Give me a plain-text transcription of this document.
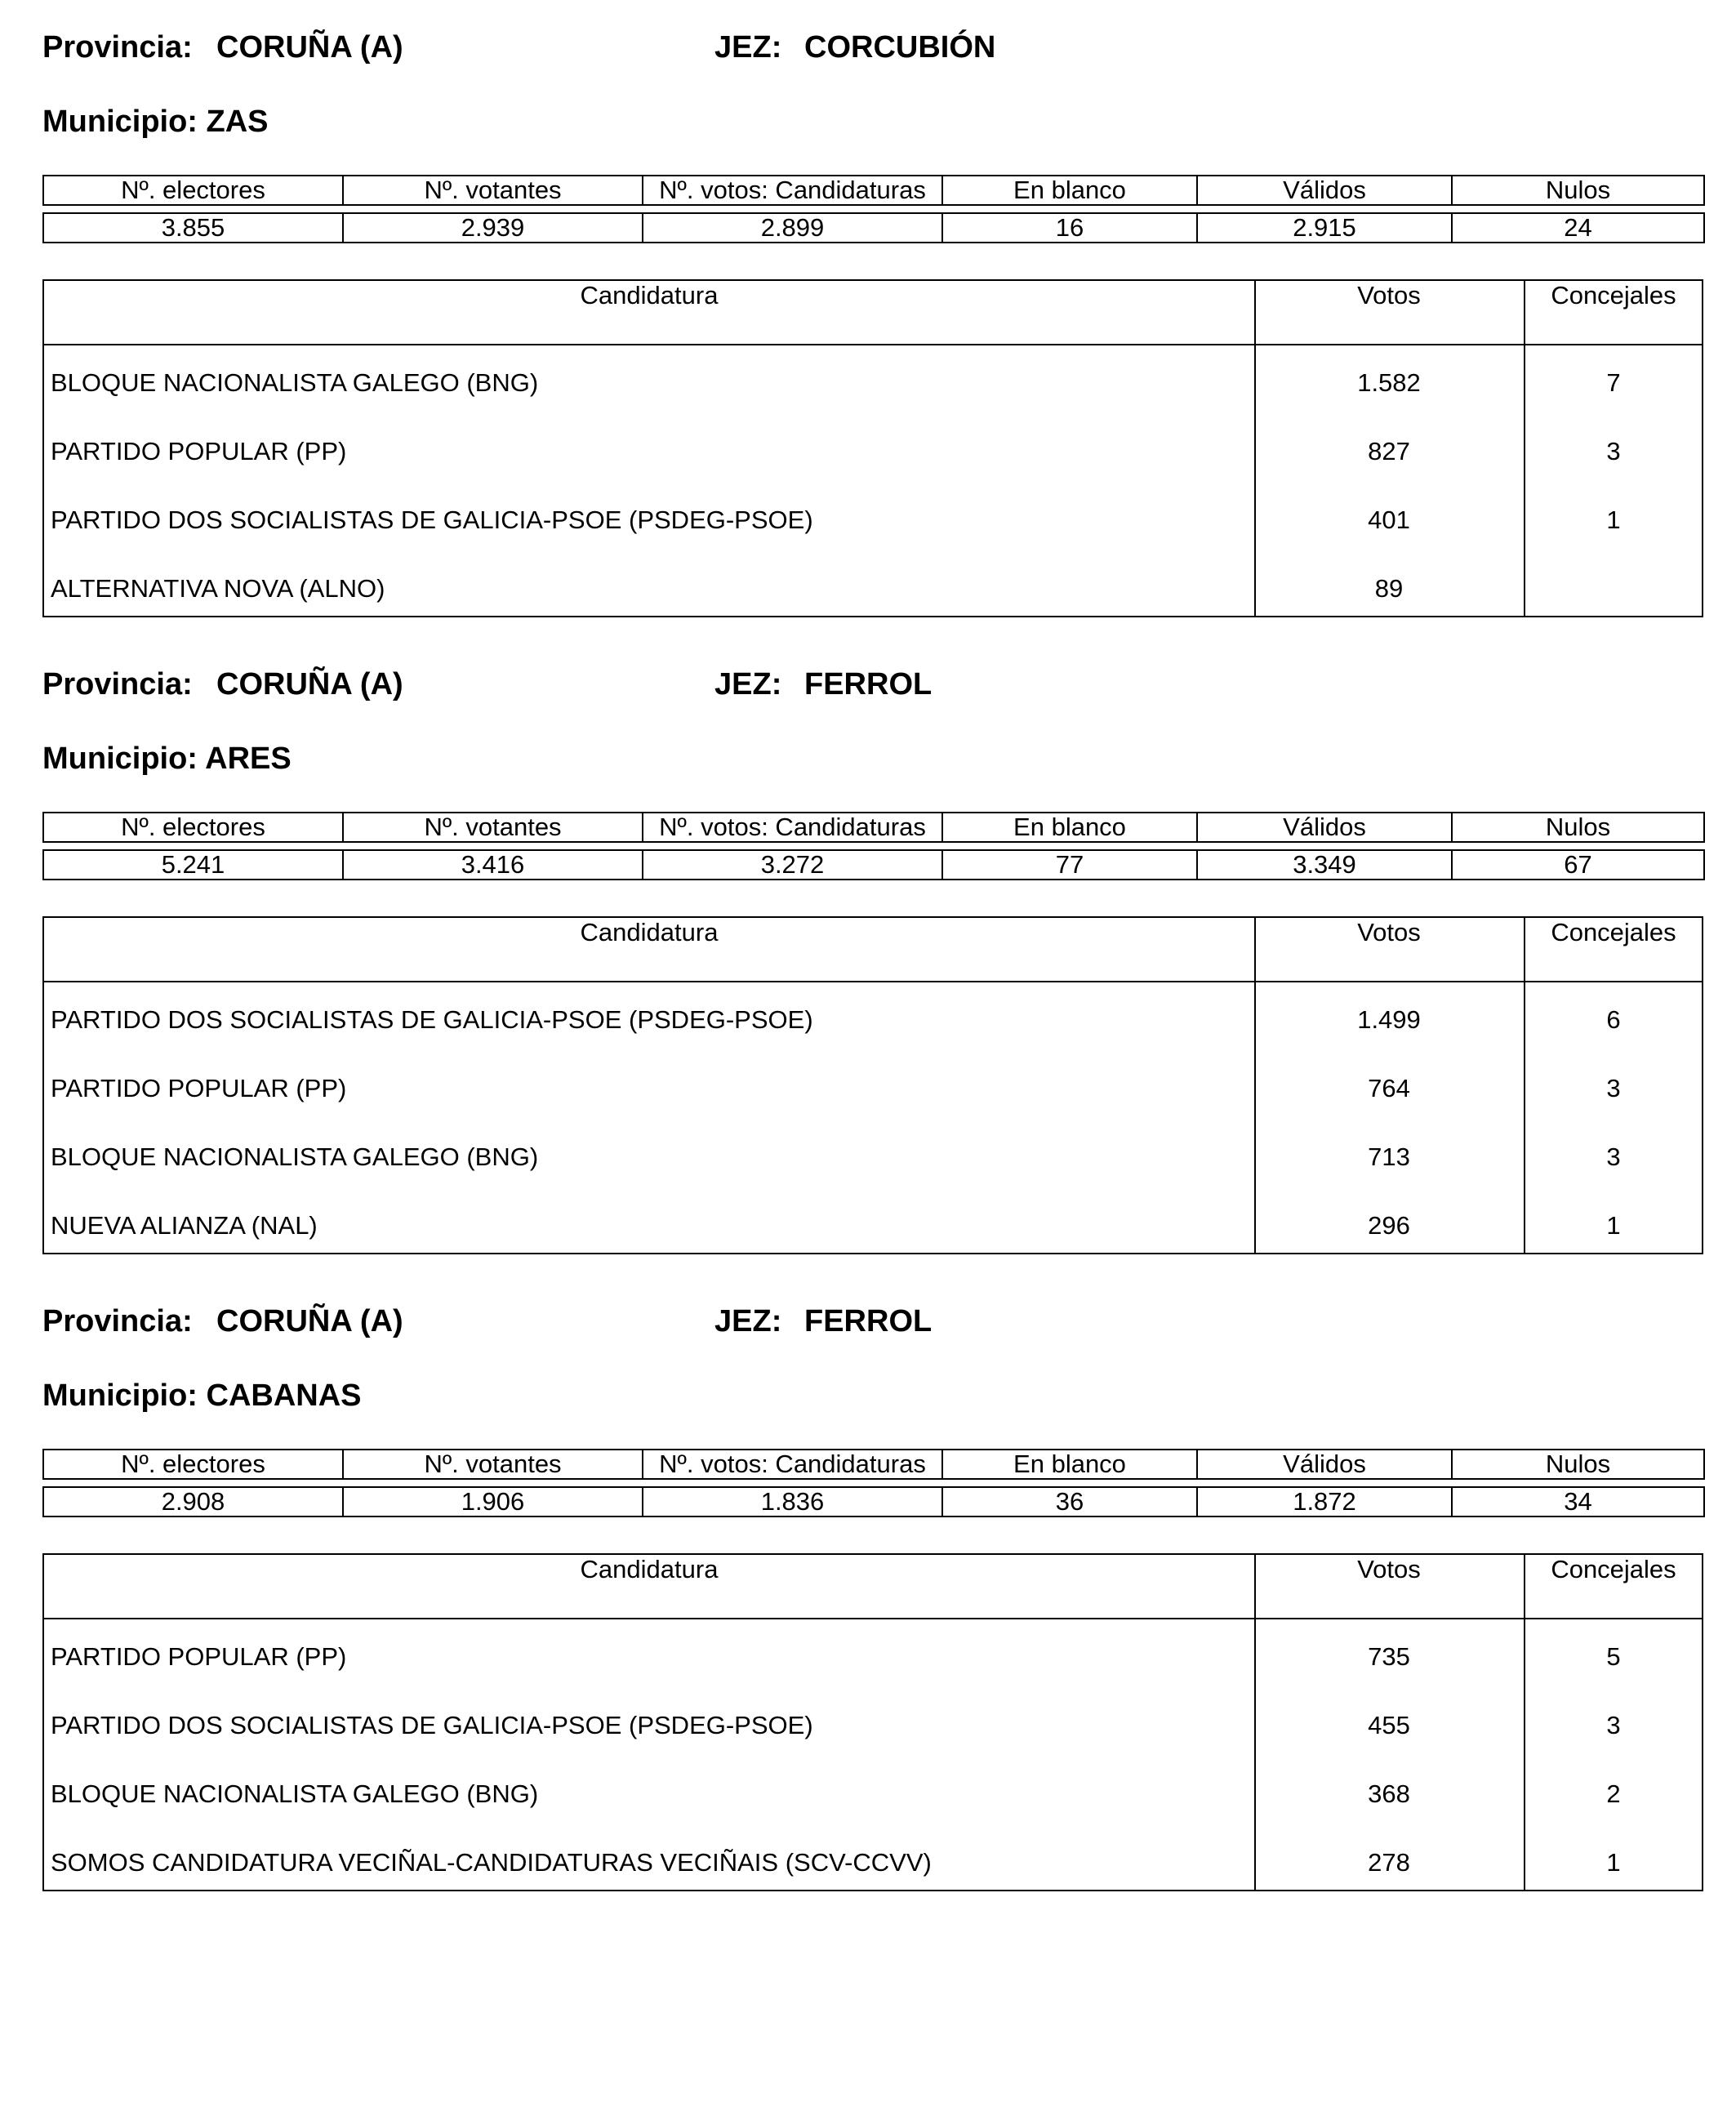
Provincia: CORUÑA (A)	JEZ: CORCUBIÓN
Municipio: ZAS
Nº. electores	Nº. votantes	Nº. votos: Candidaturas	En blanco	Válidos	Nulos

3.855	2.939	2.899	16	2.915	24
Candidatura	Votos	Concejales
BLOQUE NACIONALISTA GALEGO (BNG)	1.582	7
PARTIDO POPULAR (PP)	827	3
PARTIDO DOS SOCIALISTAS DE GALICIA-PSOE (PSDEG-PSOE)	401	1
ALTERNATIVA NOVA (ALNO)	89
Provincia: CORUÑA (A)	JEZ: FERROL
Municipio: ARES
Nº. electores	Nº. votantes	Nº. votos: Candidaturas	En blanco	Válidos	Nulos

5.241	3.416	3.272	77	3.349	67
Candidatura	Votos	Concejales
PARTIDO DOS SOCIALISTAS DE GALICIA-PSOE (PSDEG-PSOE)	1.499	6
PARTIDO POPULAR (PP)	764	3
BLOQUE NACIONALISTA GALEGO (BNG)	713	3
NUEVA ALIANZA (NAL)	296	1
Provincia: CORUÑA (A)	JEZ: FERROL
Municipio: CABANAS
Nº. electores	Nº. votantes	Nº. votos: Candidaturas	En blanco	Válidos	Nulos

2.908	1.906	1.836	36	1.872	34
Candidatura	Votos	Concejales
PARTIDO POPULAR (PP)	735	5
PARTIDO DOS SOCIALISTAS DE GALICIA-PSOE (PSDEG-PSOE)	455	3
BLOQUE NACIONALISTA GALEGO (BNG)	368	2
SOMOS CANDIDATURA VECIÑAL-CANDIDATURAS VECIÑAIS (SCV-CCVV)	278	1
